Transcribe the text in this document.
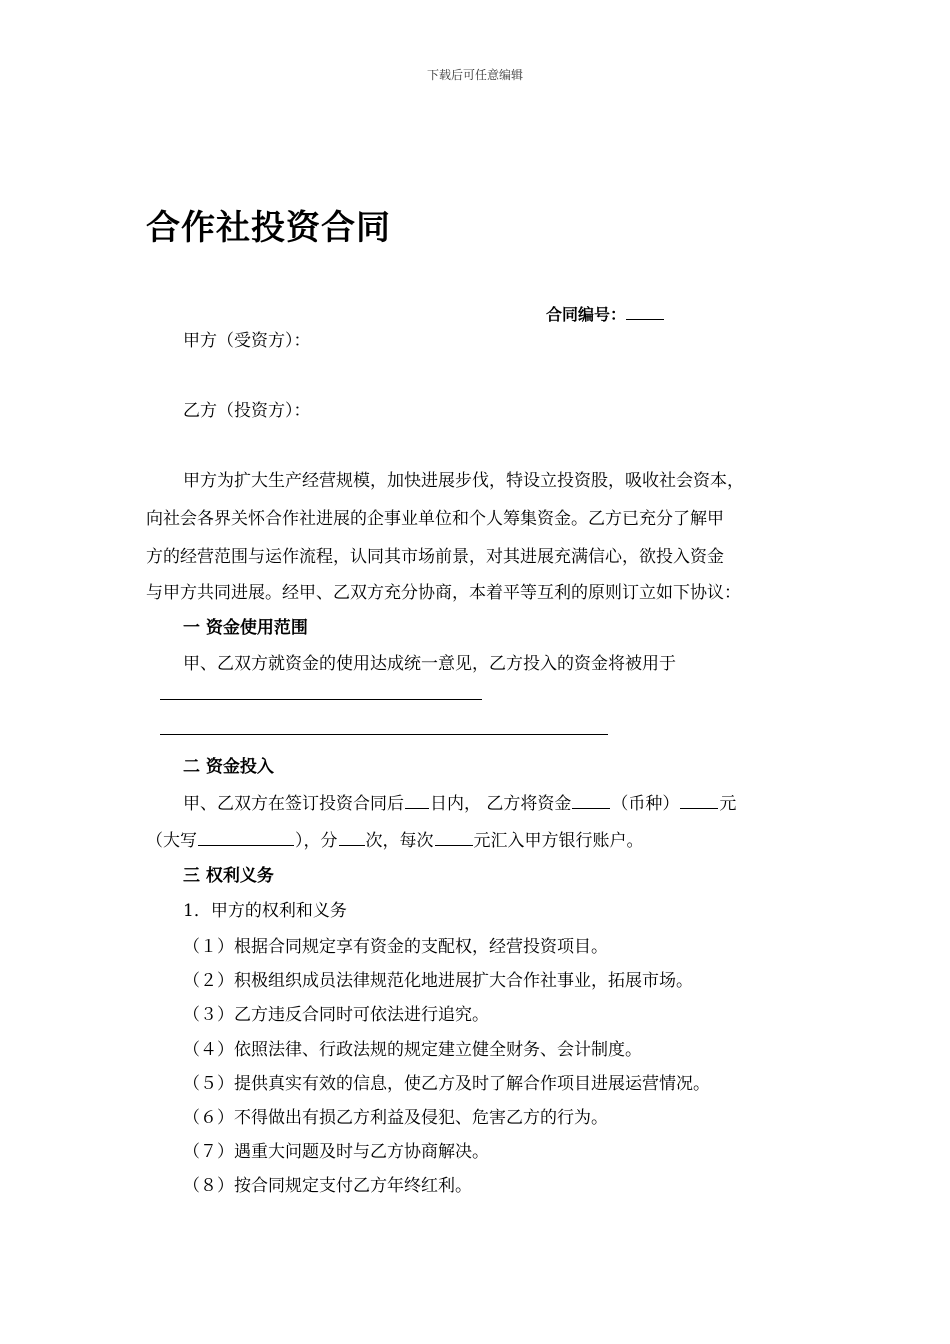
下载后可任意编辑
合作社投资合同
合同编号：
甲方（受资方）：
乙方（投资方）：
甲方为扩大生产经营规模，加快进展步伐，特设立投资股，吸收社会资本，
向社会各界关怀合作社进展的企事业单位和个人筹集资金。乙方已充分了解甲
方的经营范围与运作流程，认同其市场前景，对其进展充满信心，欲投入资金
与甲方共同进展。经甲、乙双方充分协商，本着平等互利的原则订立如下协议：
一 资金使用范围
甲、乙双方就资金的使用达成统一意见，乙方投入的资金将被用于
二 资金投入
甲、乙双方在签订投资合同后 日内， 乙方将资金 （币种） 元
（大写	），分 次，每次 元汇入甲方银行账户。
三 权利义务
1．甲方的权利和义务
（１）根据合同规定享有资金的支配权，经营投资项目。
（２）积极组织成员法律规范化地进展扩大合作社事业，拓展市场。
（３）乙方违反合同时可依法进行追究。
（４）依照法律、行政法规的规定建立健全财务、会计制度。
（５）提供真实有效的信息，使乙方及时了解合作项目进展运营情况。
（６）不得做出有损乙方利益及侵犯、危害乙方的行为。
（７）遇重大问题及时与乙方协商解决。
（８）按合同规定支付乙方年终红利。
